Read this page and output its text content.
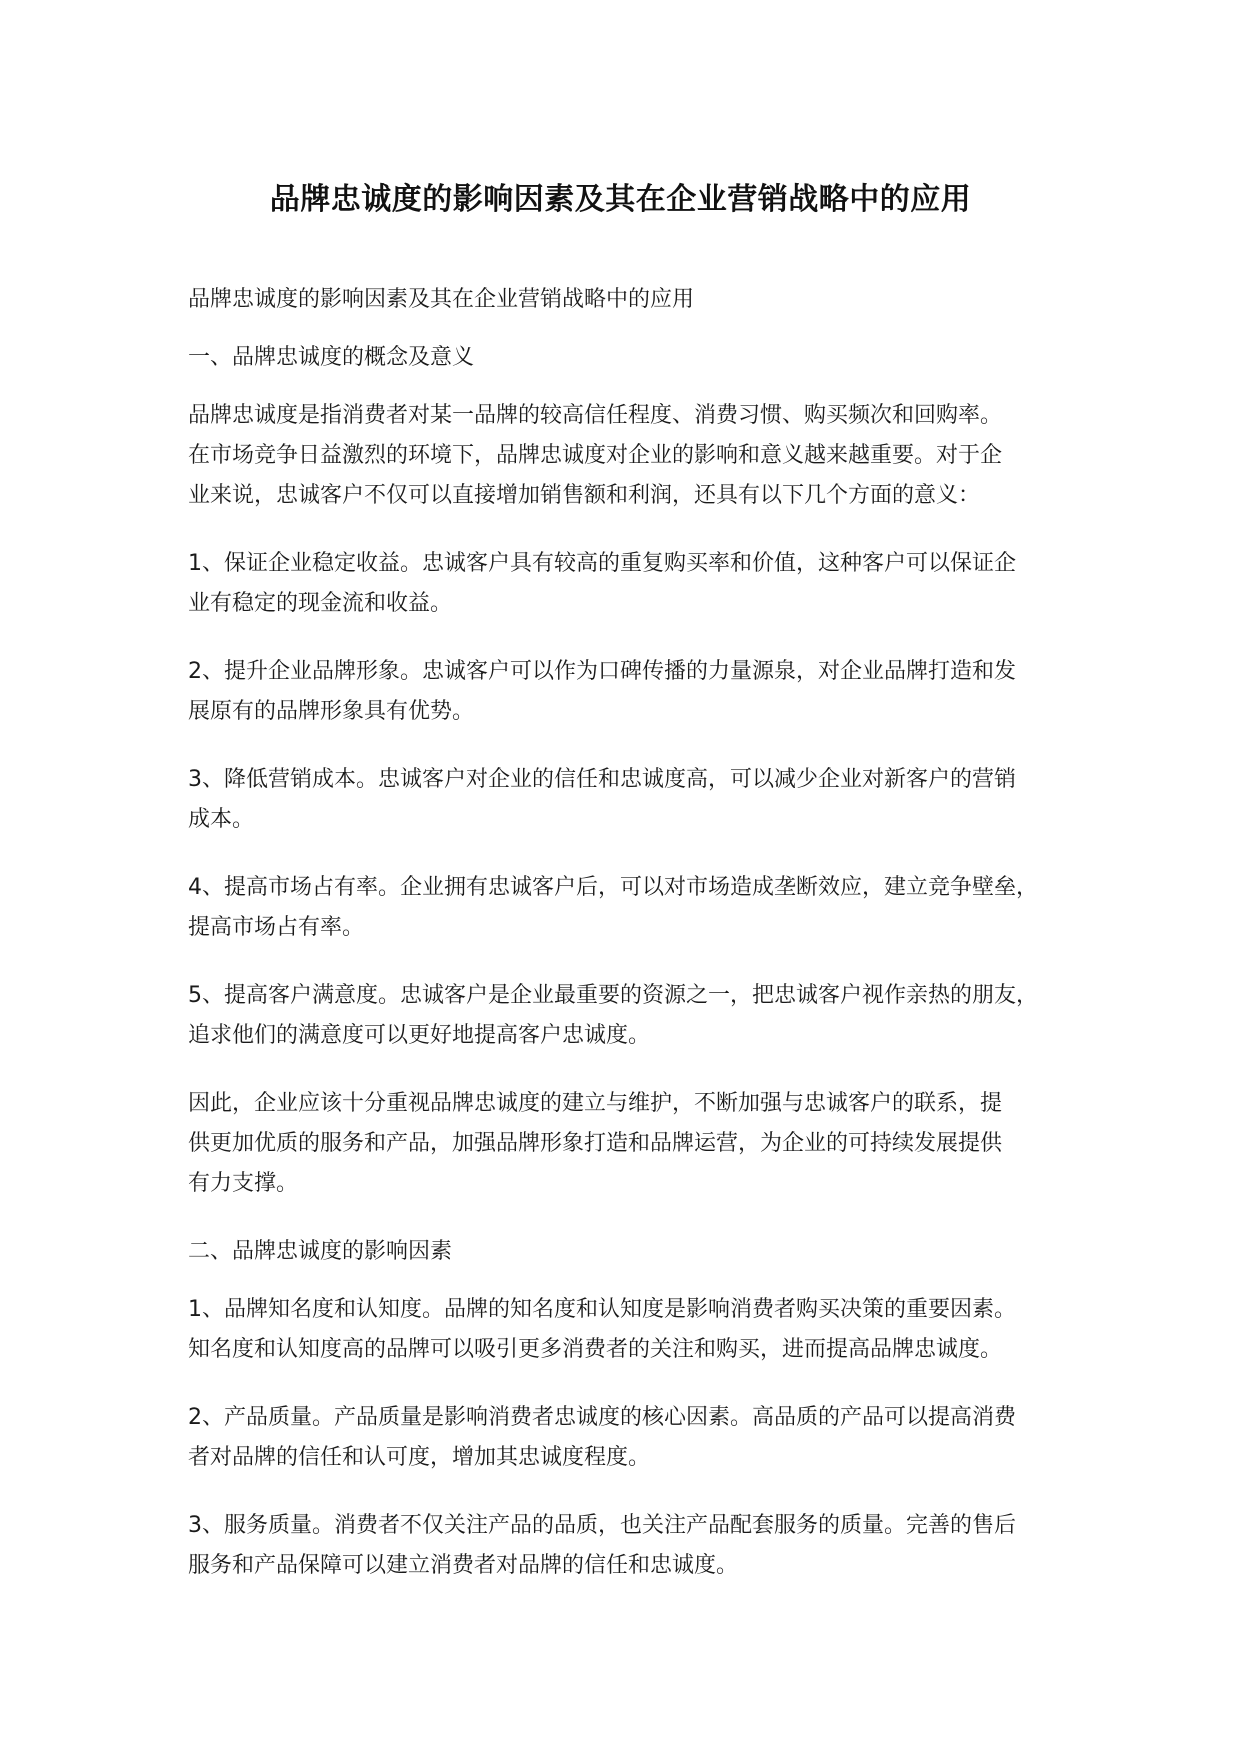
品牌忠诚度的影响因素及其在企业营销战略中的应用

品牌忠诚度的影响因素及其在企业营销战略中的应用

一、品牌忠诚度的概念及意义

品牌忠诚度是指消费者对某一品牌的较高信任程度、消费习惯、购买频次和回购率。
在市场竞争日益激烈的环境下，品牌忠诚度对企业的影响和意义越来越重要。对于企
业来说，忠诚客户不仅可以直接增加销售额和利润，还具有以下几个方面的意义：

1、保证企业稳定收益。忠诚客户具有较高的重复购买率和价值，这种客户可以保证企
业有稳定的现金流和收益。

2、提升企业品牌形象。忠诚客户可以作为口碑传播的力量源泉，对企业品牌打造和发
展原有的品牌形象具有优势。

3、降低营销成本。忠诚客户对企业的信任和忠诚度高，可以减少企业对新客户的营销
成本。

4、提高市场占有率。企业拥有忠诚客户后，可以对市场造成垄断效应，建立竞争壁垒，
提高市场占有率。

5、提高客户满意度。忠诚客户是企业最重要的资源之一，把忠诚客户视作亲热的朋友，
追求他们的满意度可以更好地提高客户忠诚度。

因此，企业应该十分重视品牌忠诚度的建立与维护，不断加强与忠诚客户的联系，提
供更加优质的服务和产品，加强品牌形象打造和品牌运营，为企业的可持续发展提供
有力支撑。

二、品牌忠诚度的影响因素

1、品牌知名度和认知度。品牌的知名度和认知度是影响消费者购买决策的重要因素。
知名度和认知度高的品牌可以吸引更多消费者的关注和购买，进而提高品牌忠诚度。

2、产品质量。产品质量是影响消费者忠诚度的核心因素。高品质的产品可以提高消费
者对品牌的信任和认可度，增加其忠诚度程度。

3、服务质量。消费者不仅关注产品的品质，也关注产品配套服务的质量。完善的售后
服务和产品保障可以建立消费者对品牌的信任和忠诚度。
